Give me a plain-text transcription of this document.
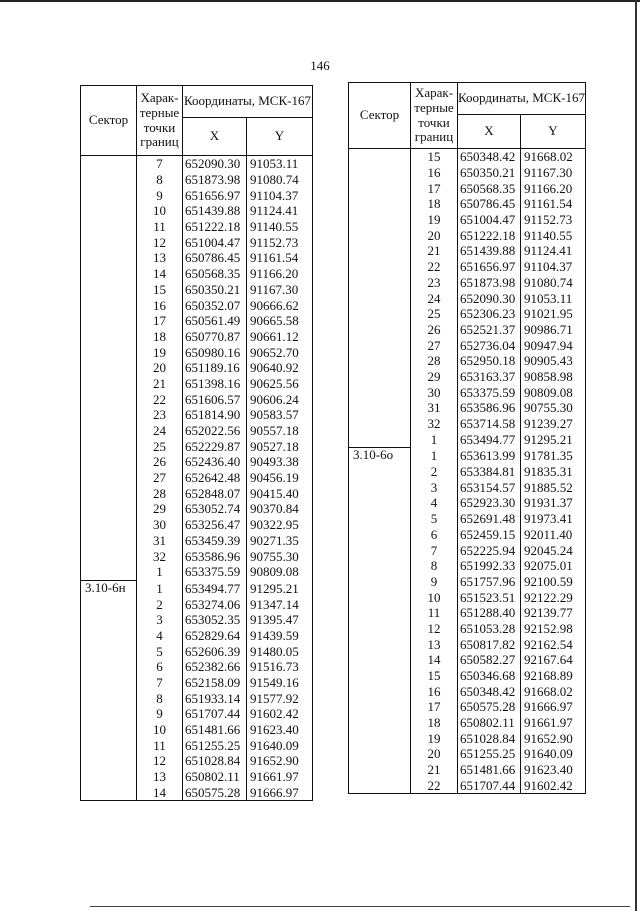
146
Сектор	Харак-терные точки границ	Координаты, МСК-167	
		X	Y
	7	652090.30	91053.11
	8	651873.98	91080.74
	9	651656.97	91104.37
	10	651439.88	91124.41
	11	651222.18	91140.55
	12	651004.47	91152.73
	13	650786.45	91161.54
	14	650568.35	91166.20
	15	650350.21	91167.30
	16	650352.07	90666.62
	17	650561.49	90665.58
	18	650770.87	90661.12
	19	650980.16	90652.70
	20	651189.16	90640.92
	21	651398.16	90625.56
	22	651606.57	90606.24
	23	651814.90	90583.57
	24	652022.56	90557.18
	25	652229.87	90527.18
	26	652436.40	90493.38
	27	652642.48	90456.19
	28	652848.07	90415.40
	29	653052.74	90370.84
	30	653256.47	90322.95
	31	653459.39	90271.35
	32	653586.96	90755.30
	1	653375.59	90809.08
3.10-6н	1	653494.77	91295.21
	2	653274.06	91347.14
	3	653052.35	91395.47
	4	652829.64	91439.59
	5	652606.39	91480.05
	6	652382.66	91516.73
	7	652158.09	91549.16
	8	651933.14	91577.92
	9	651707.44	91602.42
	10	651481.66	91623.40
	11	651255.25	91640.09
	12	651028.84	91652.90
	13	650802.11	91661.97
	14	650575.28	91666.97
Сектор	Харак-терные точки границ	Координаты, МСК-167	
		X	Y
	15	650348.42	91668.02
	16	650350.21	91167.30
	17	650568.35	91166.20
	18	650786.45	91161.54
	19	651004.47	91152.73
	20	651222.18	91140.55
	21	651439.88	91124.41
	22	651656.97	91104.37
	23	651873.98	91080.74
	24	652090.30	91053.11
	25	652306.23	91021.95
	26	652521.37	90986.71
	27	652736.04	90947.94
	28	652950.18	90905.43
	29	653163.37	90858.98
	30	653375.59	90809.08
	31	653586.96	90755.30
	32	653714.58	91239.27
	1	653494.77	91295.21
3.10-6о	1	653613.99	91781.35
	2	653384.81	91835.31
	3	653154.57	91885.52
	4	652923.30	91931.37
	5	652691.48	91973.41
	6	652459.15	92011.40
	7	652225.94	92045.24
	8	651992.33	92075.01
	9	651757.96	92100.59
	10	651523.51	92122.29
	11	651288.40	92139.77
	12	651053.28	92152.98
	13	650817.82	92162.54
	14	650582.27	92167.64
	15	650346.68	92168.89
	16	650348.42	91668.02
	17	650575.28	91666.97
	18	650802.11	91661.97
	19	651028.84	91652.90
	20	651255.25	91640.09
	21	651481.66	91623.40
	22	651707.44	91602.42
